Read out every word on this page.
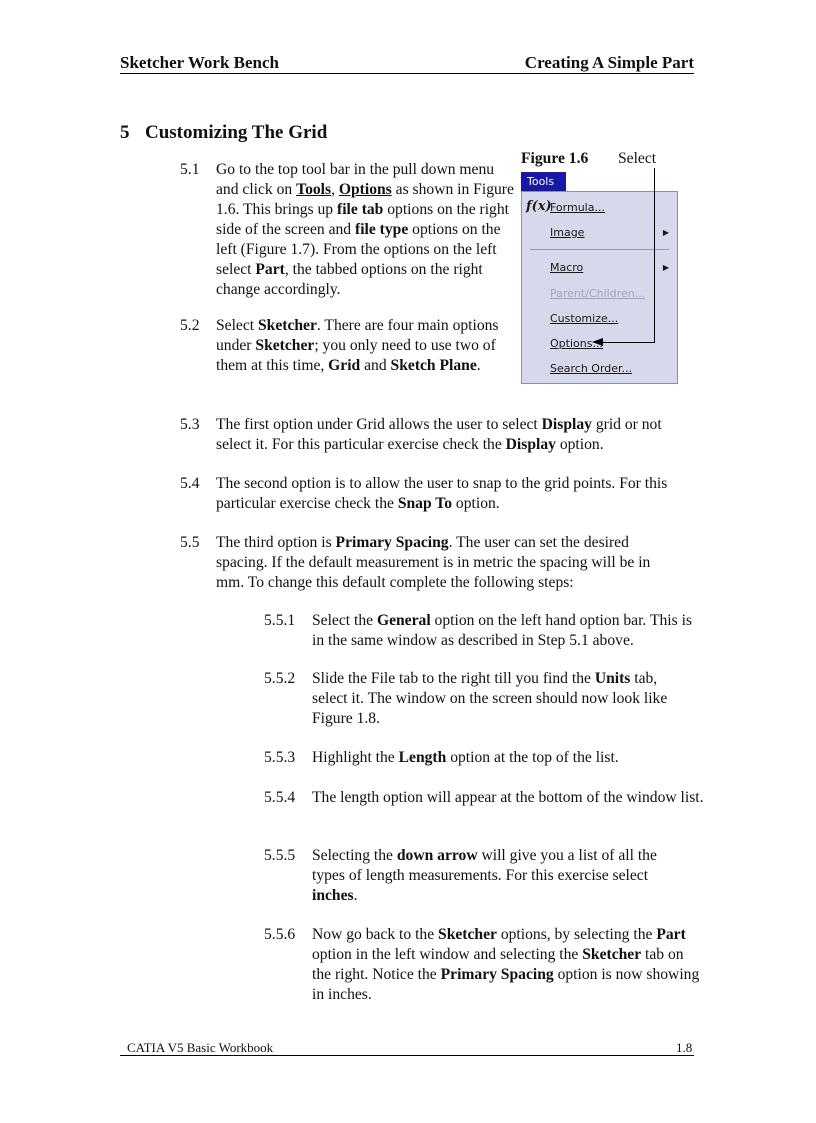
Sketcher Work Bench	Creating A Simple Part
5 Customizing The Grid
Figure 1.6 Select
Tools
f(x)
Formula...
Image	▶
Macro	▶
Parent/Children...
Customize...
Options...
Search Order...
5.1 Go to the top tool bar in the pull down menu and click on Tools, Options as shown in Figure 1.6. This brings up file tab options on the right side of the screen and file type options on the left (Figure 1.7). From the options on the left select Part, the tabbed options on the right change accordingly.
5.2 Select Sketcher. There are four main options under Sketcher; you only need to use two of them at this time, Grid and Sketch Plane.
5.3 The first option under Grid allows the user to select Display grid or not select it. For this particular exercise check the Display option.
5.4 The second option is to allow the user to snap to the grid points. For this particular exercise check the Snap To option.
5.5 The third option is Primary Spacing. The user can set the desired spacing. If the default measurement is in metric the spacing will be in mm. To change this default complete the following steps:
5.5.1 Select the General option on the left hand option bar. This is in the same window as described in Step 5.1 above.
5.5.2 Slide the File tab to the right till you find the Units tab, select it. The window on the screen should now look like Figure 1.8.
5.5.3 Highlight the Length option at the top of the list.
5.5.4 The length option will appear at the bottom of the window list.
5.5.5 Selecting the down arrow will give you a list of all the types of length measurements. For this exercise select inches.
5.5.6 Now go back to the Sketcher options, by selecting the Part option in the left window and selecting the Sketcher tab on the right. Notice the Primary Spacing option is now showing in inches.
CATIA V5 Basic Workbook	1.8
